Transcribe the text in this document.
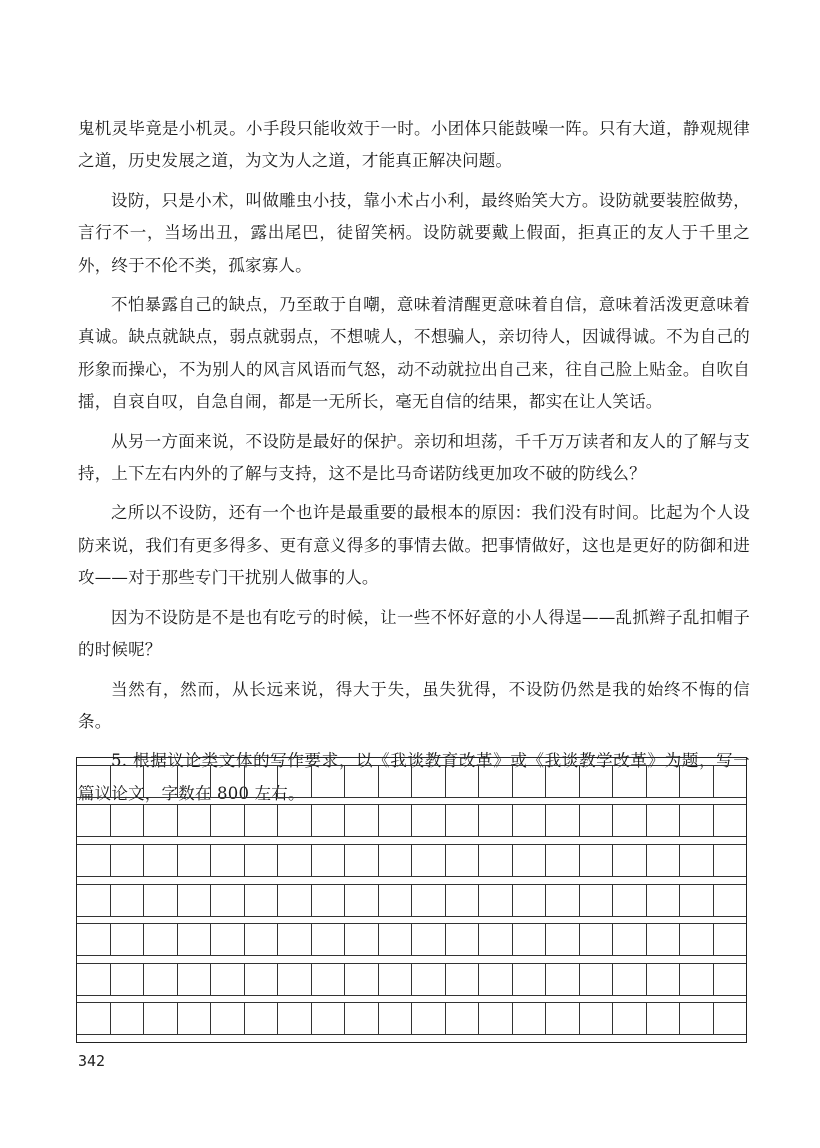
鬼机灵毕竟是小机灵。小手段只能收效于一时。小团体只能鼓噪一阵。只有大道，静观规律之道，历史发展之道，为文为人之道，才能真正解决问题。

设防，只是小术，叫做雕虫小技，靠小术占小利，最终贻笑大方。设防就要装腔做势，言行不一，当场出丑，露出尾巴，徒留笑柄。设防就要戴上假面，拒真正的友人于千里之外，终于不伦不类，孤家寡人。

不怕暴露自己的缺点，乃至敢于自嘲，意味着清醒更意味着自信，意味着活泼更意味着真诚。缺点就缺点，弱点就弱点，不想唬人，不想骗人，亲切待人，因诚得诚。不为自己的形象而操心，不为别人的风言风语而气怒，动不动就拉出自己来，往自己脸上贴金。自吹自擂，自哀自叹，自急自闹，都是一无所长，毫无自信的结果，都实在让人笑话。

从另一方面来说，不设防是最好的保护。亲切和坦荡，千千万万读者和友人的了解与支持，上下左右内外的了解与支持，这不是比马奇诺防线更加攻不破的防线么？

之所以不设防，还有一个也许是最重要的最根本的原因：我们没有时间。比起为个人设防来说，我们有更多得多、更有意义得多的事情去做。把事情做好，这也是更好的防御和进攻——对于那些专门干扰别人做事的人。

因为不设防是不是也有吃亏的时候，让一些不怀好意的小人得逞——乱抓辫子乱扣帽子的时候呢？

当然有，然而，从长远来说，得大于失，虽失犹得，不设防仍然是我的始终不悔的信条。

5. 根据议论类文体的写作要求，以《我谈教育改革》或《我谈教学改革》为题，写一篇议论文，字数在 800 左右。

342
